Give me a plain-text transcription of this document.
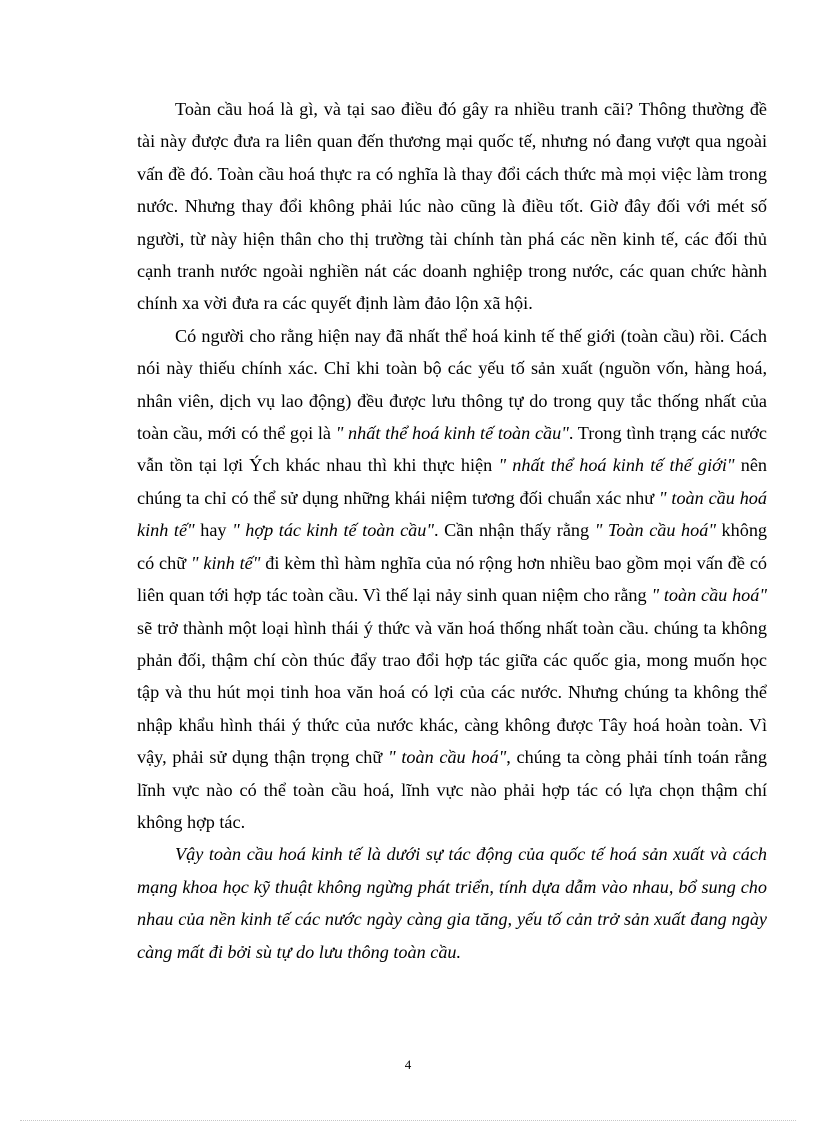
Toàn cầu hoá là gì, và tại sao điều đó gây ra nhiều tranh cãi? Thông thường đề tài này được đưa ra liên quan đến thương mại quốc tế, nhưng nó đang vượt qua ngoài vấn đề đó. Toàn cầu hoá thực ra có nghĩa là thay đổi cách thức mà mọi việc làm trong nước. Nhưng thay đổi không phải lúc nào cũng là điều tốt. Giờ đây đối với mét số người, từ này hiện thân cho thị trường tài chính tàn phá các nền kinh tế, các đối thủ cạnh tranh nước ngoài nghiền nát các doanh nghiệp trong nước, các quan chức hành chính xa vời đưa ra các quyết định làm đảo lộn xã hội.

Có người cho rằng hiện nay đã nhất thể hoá kinh tế thế giới (toàn cầu) rồi. Cách nói này thiếu chính xác. Chỉ khi toàn bộ các yếu tố sản xuất (nguồn vốn, hàng hoá, nhân viên, dịch vụ lao động) đều được lưu thông tự do trong quy tắc thống nhất của toàn cầu, mới có thể gọi là " nhất thể hoá kinh tế toàn cầu". Trong tình trạng các nước vẫn tồn tại lợi Ých khác nhau thì khi thực hiện " nhất thể hoá kinh tế thế giới" nên chúng ta chỉ có thể sử dụng những khái niệm tương đối chuẩn xác như " toàn cầu hoá kinh tế" hay " hợp tác kinh tế toàn cầu". Cần nhận thấy rằng " Toàn cầu hoá" không có chữ " kinh tế" đi kèm thì hàm nghĩa của nó rộng hơn nhiều bao gồm mọi vấn đề có liên quan tới hợp tác toàn cầu. Vì thế lại nảy sinh quan niệm cho rằng " toàn cầu hoá" sẽ trở thành một loại hình thái ý thức và văn hoá thống nhất toàn cầu. chúng ta không phản đối, thậm chí còn thúc đẩy trao đổi hợp tác giữa các quốc gia, mong muốn học tập và thu hút mọi tinh hoa văn hoá có lợi của các nước. Nhưng chúng ta không thể nhập khẩu hình thái ý thức của nước khác, càng không được Tây hoá hoàn toàn. Vì vậy, phải sử dụng thận trọng chữ " toàn cầu hoá", chúng ta còng phải tính toán rằng lĩnh vực nào có thể toàn cầu hoá, lĩnh vực nào phải hợp tác có lựa chọn thậm chí không hợp tác.

Vậy toàn cầu hoá kinh tế là dưới sự tác động của quốc tế hoá sản xuất và cách mạng khoa học kỹ thuật không ngừng phát triển, tính dựa dẫm vào nhau, bổ sung cho nhau của nền kinh tế các nước ngày càng gia tăng, yếu tố cản trở sản xuất đang ngày càng mất đi bởi sù tự do lưu thông toàn cầu.

4
